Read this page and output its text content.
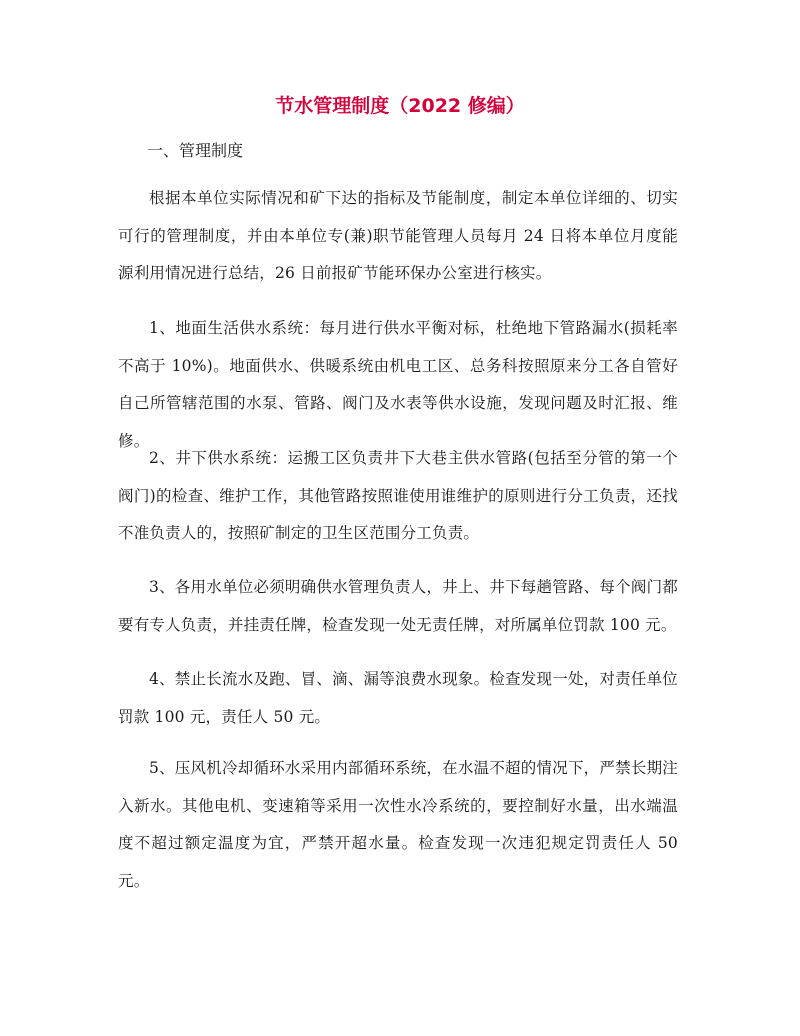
节水管理制度（2022 修编）

一、管理制度

根据本单位实际情况和矿下达的指标及节能制度，制定本单位详细的、切实可行的管理制度，并由本单位专(兼)职节能管理人员每月 24 日将本单位月度能源利用情况进行总结，26 日前报矿节能环保办公室进行核实。

1、地面生活供水系统：每月进行供水平衡对标，杜绝地下管路漏水(损耗率不高于 10%)。地面供水、供暖系统由机电工区、总务科按照原来分工各自管好自己所管辖范围的水泵、管路、阀门及水表等供水设施，发现问题及时汇报、维修。

2、井下供水系统：运搬工区负责井下大巷主供水管路(包括至分管的第一个阀门)的检查、维护工作，其他管路按照谁使用谁维护的原则进行分工负责，还找不准负责人的，按照矿制定的卫生区范围分工负责。

3、各用水单位必须明确供水管理负责人，井上、井下每趟管路、每个阀门都要有专人负责，并挂责任牌，检查发现一处无责任牌，对所属单位罚款 100 元。

4、禁止长流水及跑、冒、滴、漏等浪费水现象。检查发现一处，对责任单位罚款 100 元，责任人 50 元。

5、压风机冷却循环水采用内部循环系统，在水温不超的情况下，严禁长期注入新水。其他电机、变速箱等采用一次性水冷系统的，要控制好水量，出水端温度不超过额定温度为宜，严禁开超水量。检查发现一次违犯规定罚责任人 50 元。
